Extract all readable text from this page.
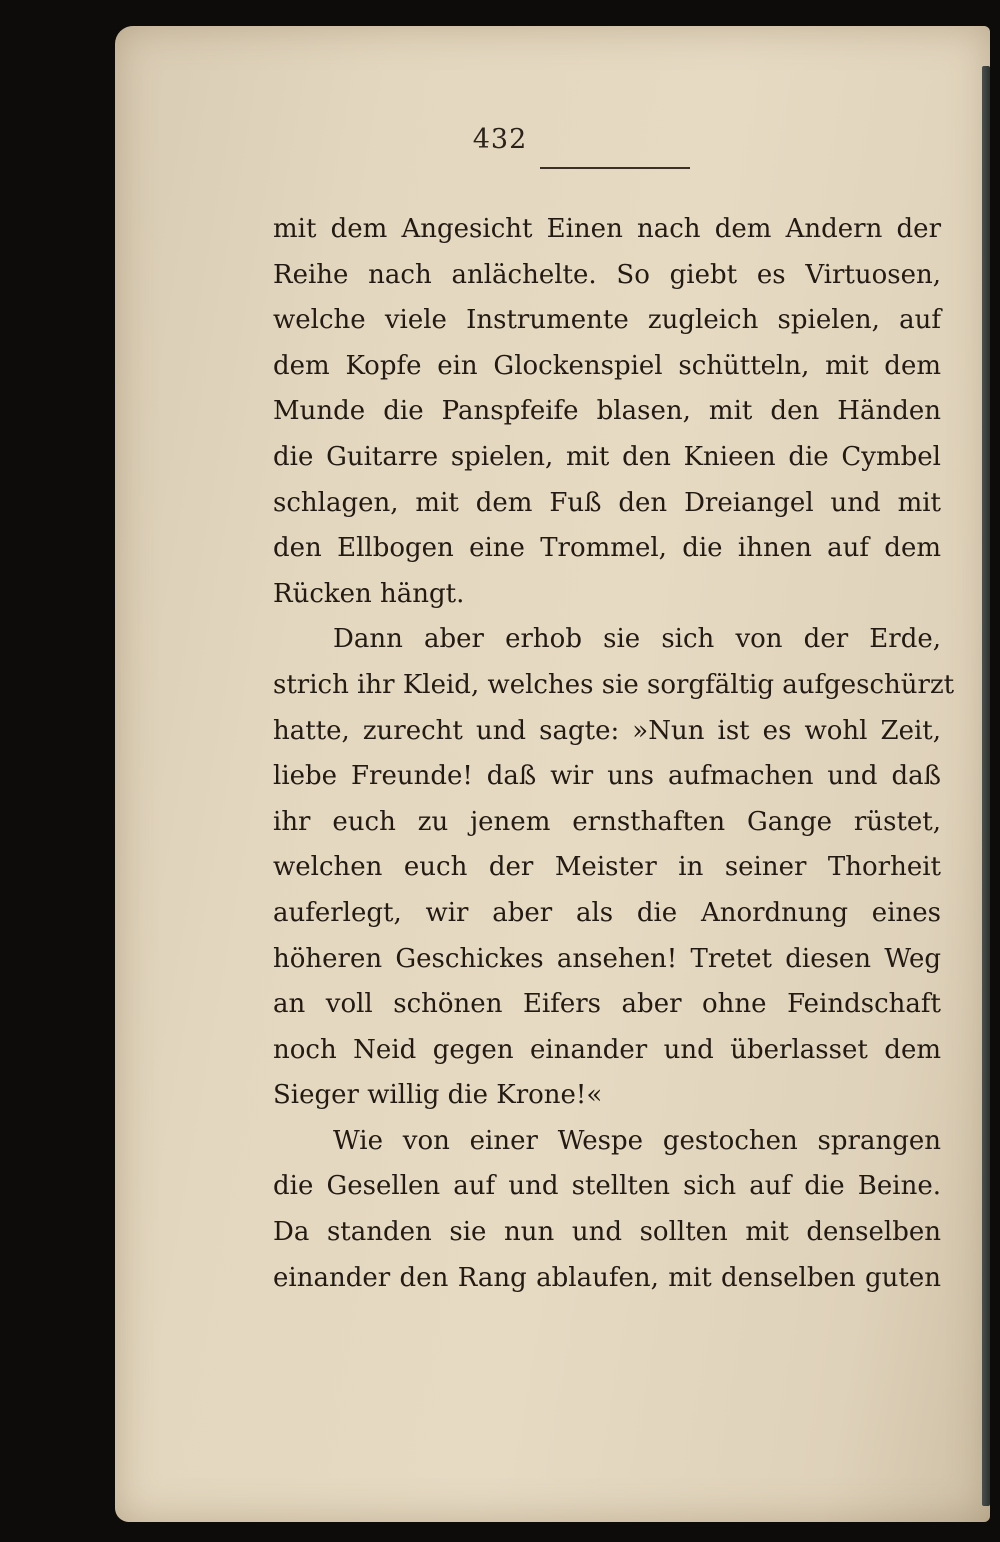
432
mit dem Angesicht Einen nach dem Andern der
Reihe nach anlächelte. So giebt es Virtuosen,
welche viele Instrumente zugleich spielen, auf
dem Kopfe ein Glockenspiel schütteln, mit dem
Munde die Panspfeife blasen, mit den Händen
die Guitarre spielen, mit den Knieen die Cymbel
schlagen, mit dem Fuß den Dreiangel und mit
den Ellbogen eine Trommel, die ihnen auf dem
Rücken hängt.
Dann aber erhob sie sich von der Erde,
strich ihr Kleid, welches sie sorgfältig aufgeschürzt
hatte, zurecht und sagte: »Nun ist es wohl Zeit,
liebe Freunde! daß wir uns aufmachen und daß
ihr euch zu jenem ernsthaften Gange rüstet,
welchen euch der Meister in seiner Thorheit
auferlegt, wir aber als die Anordnung eines
höheren Geschickes ansehen! Tretet diesen Weg
an voll schönen Eifers aber ohne Feindschaft
noch Neid gegen einander und überlasset dem
Sieger willig die Krone!«
Wie von einer Wespe gestochen sprangen
die Gesellen auf und stellten sich auf die Beine.
Da standen sie nun und sollten mit denselben
einander den Rang ablaufen, mit denselben guten
